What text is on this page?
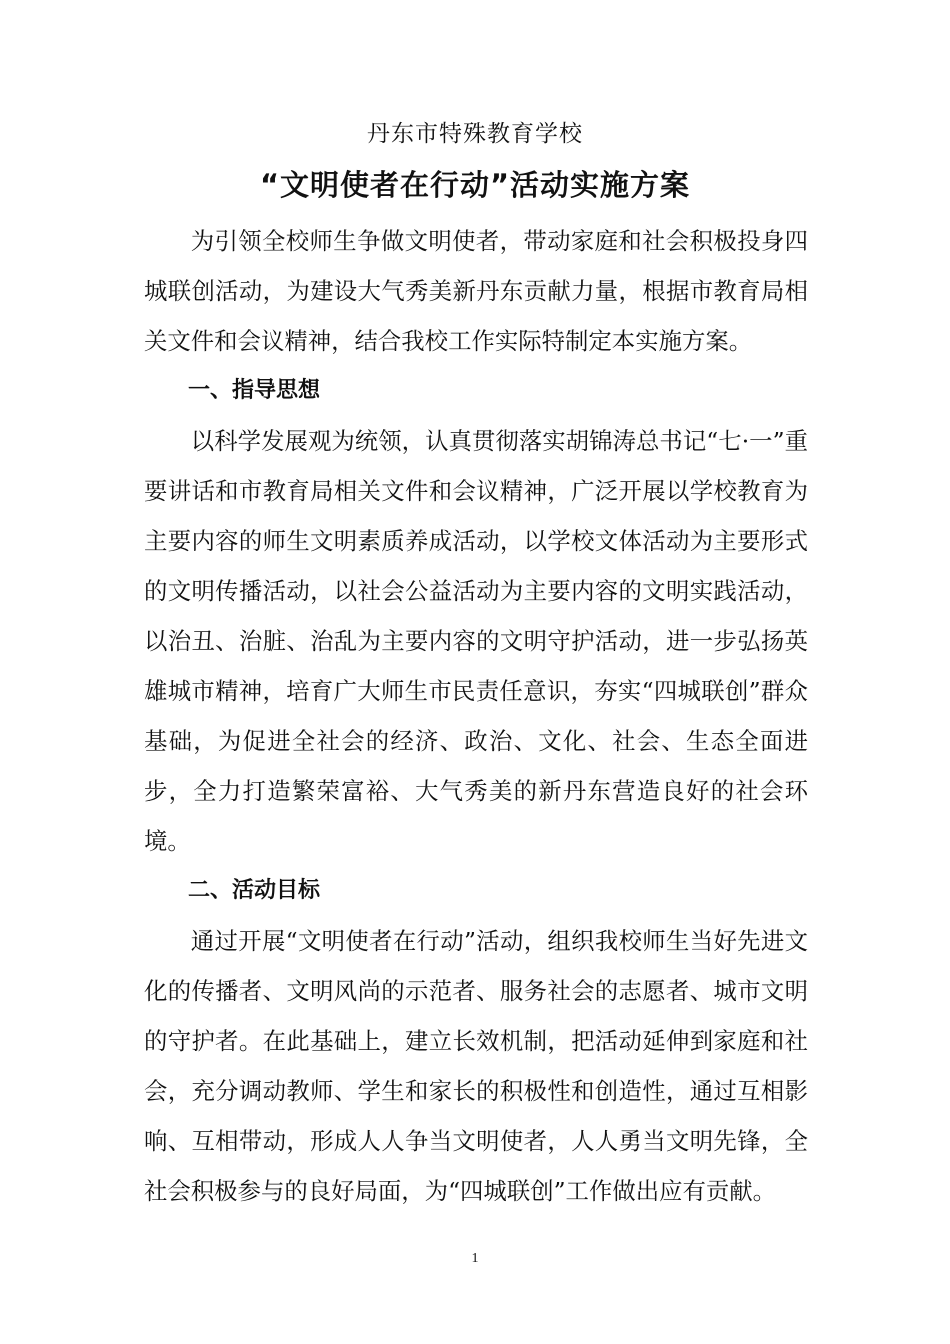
丹东市特殊教育学校
“文明使者在行动”活动实施方案

为引领全校师生争做文明使者，带动家庭和社会积极投身四城联创活动，为建设大气秀美新丹东贡献力量，根据市教育局相关文件和会议精神，结合我校工作实际特制定本实施方案。

一、指导思想

以科学发展观为统领，认真贯彻落实胡锦涛总书记“七·一”重要讲话和市教育局相关文件和会议精神，广泛开展以学校教育为主要内容的师生文明素质养成活动，以学校文体活动为主要形式的文明传播活动，以社会公益活动为主要内容的文明实践活动，以治丑、治脏、治乱为主要内容的文明守护活动，进一步弘扬英雄城市精神，培育广大师生市民责任意识，夯实“四城联创”群众基础，为促进全社会的经济、政治、文化、社会、生态全面进步，全力打造繁荣富裕、大气秀美的新丹东营造良好的社会环境。

二、活动目标

通过开展“文明使者在行动”活动，组织我校师生当好先进文化的传播者、文明风尚的示范者、服务社会的志愿者、城市文明的守护者。在此基础上，建立长效机制，把活动延伸到家庭和社会，充分调动教师、学生和家长的积极性和创造性，通过互相影响、互相带动，形成人人争当文明使者，人人勇当文明先锋，全社会积极参与的良好局面，为“四城联创”工作做出应有贡献。

1
